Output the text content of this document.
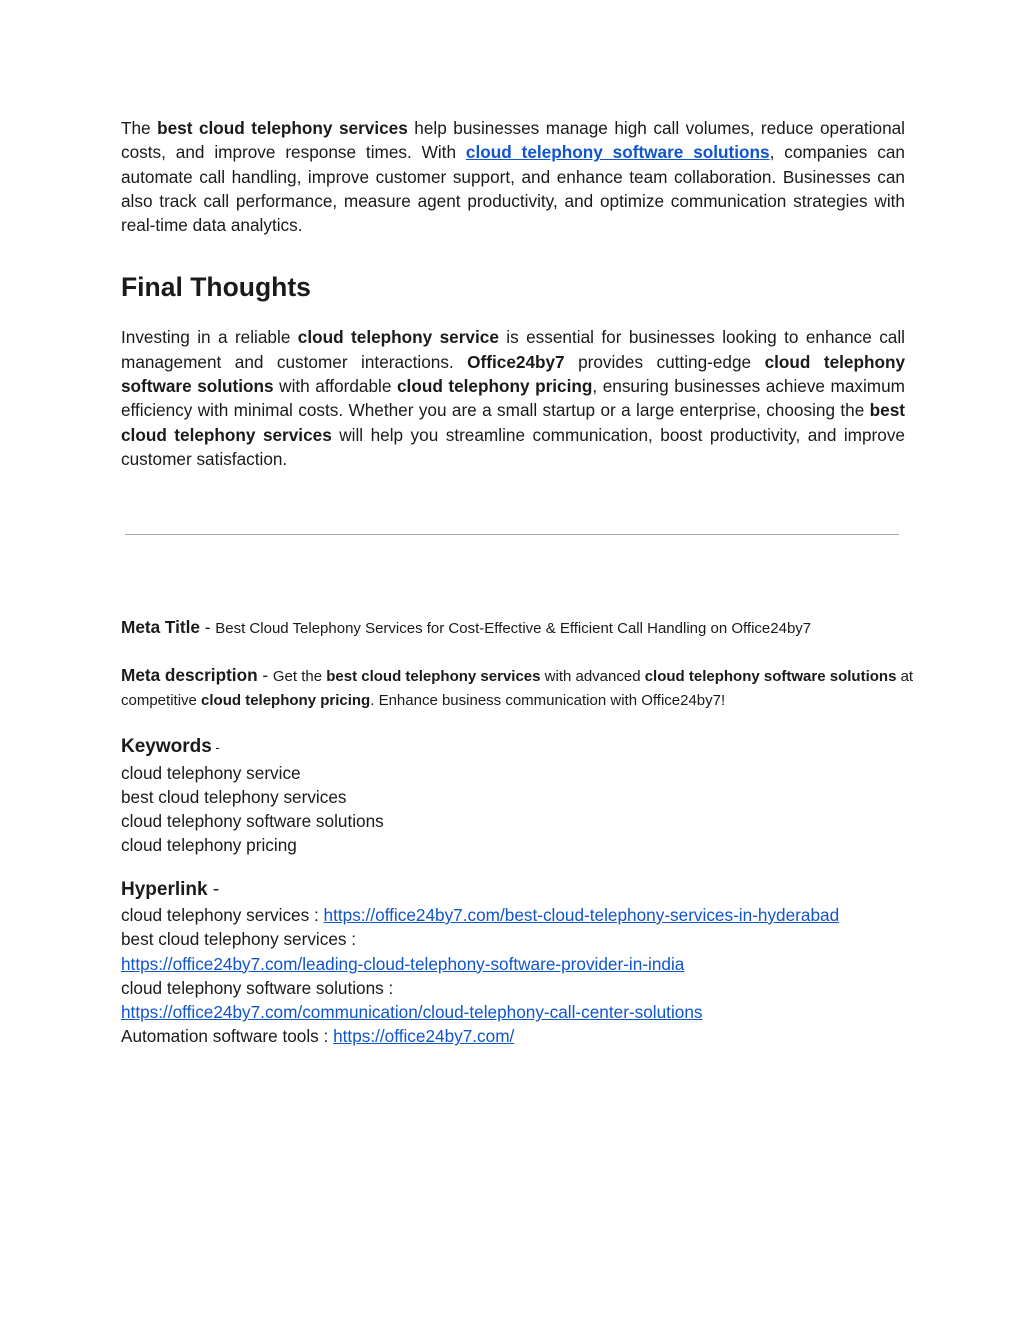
The best cloud telephony services help businesses manage high call volumes, reduce operational costs, and improve response times. With cloud telephony software solutions, companies can automate call handling, improve customer support, and enhance team collaboration. Businesses can also track call performance, measure agent productivity, and optimize communication strategies with real-time data analytics.

Final Thoughts

Investing in a reliable cloud telephony service is essential for businesses looking to enhance call management and customer interactions. Office24by7 provides cutting-edge cloud telephony software solutions with affordable cloud telephony pricing, ensuring businesses achieve maximum efficiency with minimal costs. Whether you are a small startup or a large enterprise, choosing the best cloud telephony services will help you streamline communication, boost productivity, and improve customer satisfaction.

Meta Title - Best Cloud Telephony Services for Cost-Effective & Efficient Call Handling on Office24by7
Meta description - Get the best cloud telephony services with advanced cloud telephony software solutions at competitive cloud telephony pricing. Enhance business communication with Office24by7!
Keywords -
cloud telephony service
best cloud telephony services
cloud telephony software solutions
cloud telephony pricing
Hyperlink -
cloud telephony services : https://office24by7.com/best-cloud-telephony-services-in-hyderabad
best cloud telephony services :
https://office24by7.com/leading-cloud-telephony-software-provider-in-india
cloud telephony software solutions :
https://office24by7.com/communication/cloud-telephony-call-center-solutions
Automation software tools : https://office24by7.com/
